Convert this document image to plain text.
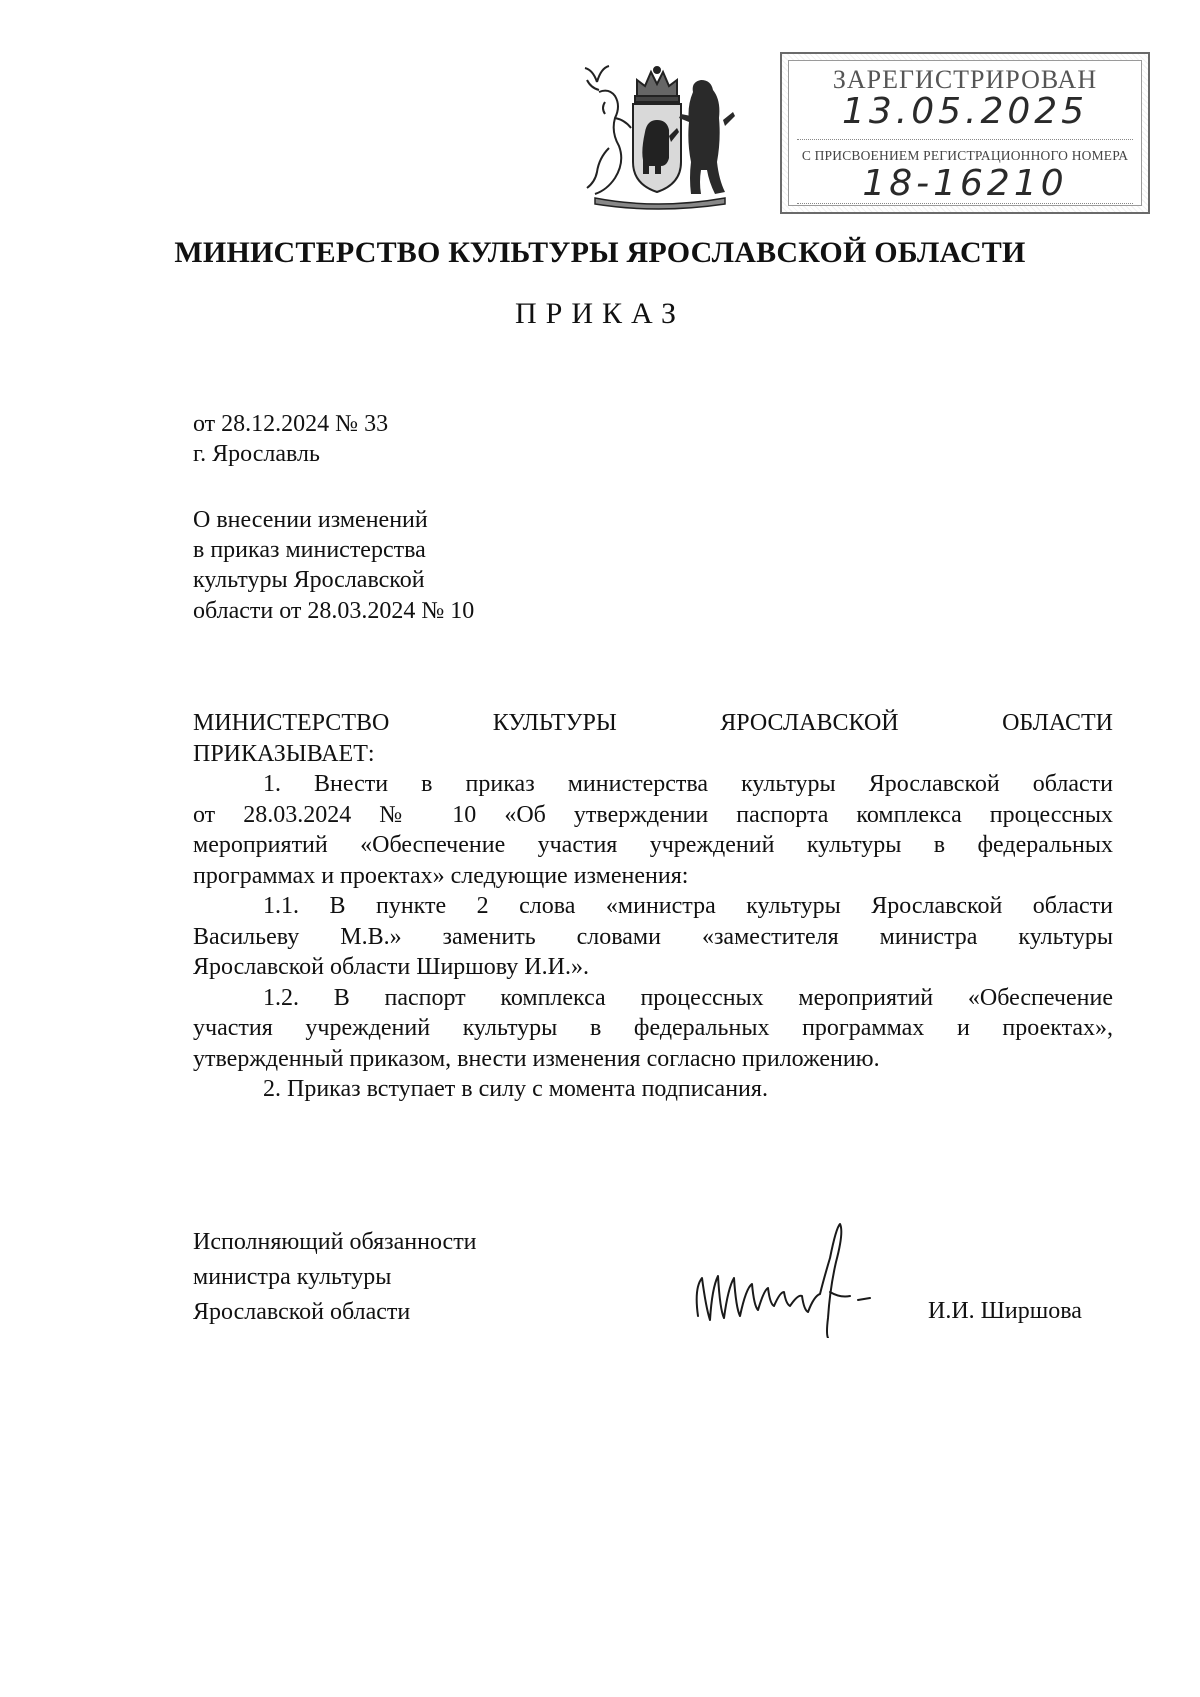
ЗАРЕГИСТРИРОВАН
13.05.2025
С ПРИСВОЕНИЕМ РЕГИСТРАЦИОННОГО НОМЕРА
18-16210
МИНИСТЕРСТВО КУЛЬТУРЫ ЯРОСЛАВСКОЙ ОБЛАСТИ
ПРИКАЗ
от 28.12.2024 № 33
г. Ярославль
О внесении изменений
в приказ министерства
культуры Ярославской
области от 28.03.2024 № 10
МИНИСТЕРСТВО КУЛЬТУРЫ ЯРОСЛАВСКОЙ ОБЛАСТИ
ПРИКАЗЫВАЕТ:
1. Внести в приказ министерства культуры Ярославской области
от 28.03.2024 № 10 «Об утверждении паспорта комплекса процессных
мероприятий «Обеспечение участия учреждений культуры в федеральных
программах и проектах» следующие изменения:
1.1. В пункте 2 слова «министра культуры Ярославской области
Васильеву М.В.» заменить словами «заместителя министра культуры
Ярославской области Ширшову И.И.».
1.2. В паспорт комплекса процессных мероприятий «Обеспечение
участия учреждений культуры в федеральных программах и проектах»,
утвержденный приказом, внести изменения согласно приложению.
2. Приказ вступает в силу с момента подписания.
Исполняющий обязанности
министра культуры
Ярославской области	И.И. Ширшова
